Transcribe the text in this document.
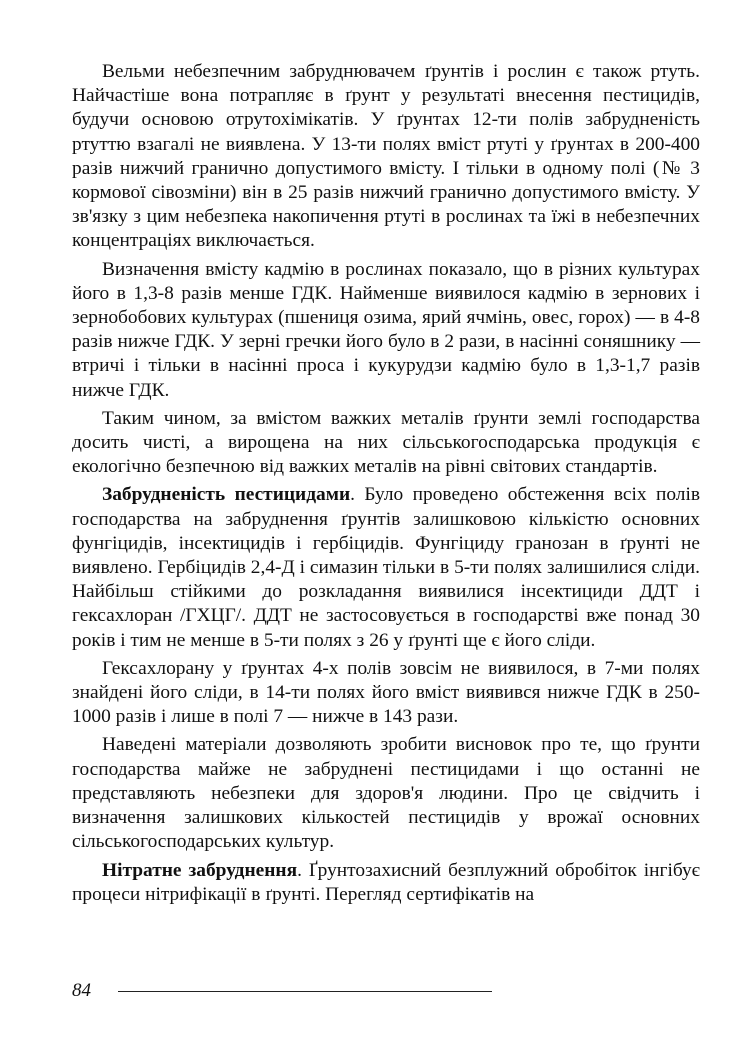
Вельми небезпечним забруднювачем ґрунтів і рослин є також ртуть. Найчастіше вона потрапляє в ґрунт у результаті внесення пестицидів, будучи основою отрутохімікатів. У ґрунтах 12-ти полів забрудненість ртуттю взагалі не виявлена. У 13-ти полях вміст ртуті у ґрунтах в 200-400 разів нижчий гранично допустимого вмісту. І тільки в одному полі (№ 3 кормової сівозміни) він в 25 разів нижчий гранично допустимого вмісту. У зв'язку з цим небезпека накопичення ртуті в рослинах та їжі в небезпечних концентраціях виключається.

Визначення вмісту кадмію в рослинах показало, що в різних культурах його в 1,3-8 разів менше ГДК. Найменше виявилося кадмію в зернових і зернобобових культурах (пшениця озима, ярий ячмінь, овес, горох) — в 4-8 разів нижче ГДК. У зерні гречки його було в 2 рази, в насінні соняшнику — втричі і тільки в насінні проса і кукурудзи кадмію було в 1,3-1,7 разів нижче ГДК.

Таким чином, за вмістом важких металів ґрунти землі господарства досить чисті, а вирощена на них сільськогосподарська продукція є екологічно безпечною від важких металів на рівні світових стандартів.

Забрудненість пестицидами. Було проведено обстеження всіх полів господарства на забруднення ґрунтів залишковою кількістю основних фунгіцидів, інсектицидів і гербіцидів. Фунгіциду гранозан в ґрунті не виявлено. Гербіцидів 2,4-Д і симазин тільки в 5-ти полях залишилися сліди. Найбільш стійкими до розкладання виявилися інсектициди ДДТ і гексахлоран /ГХЦГ/. ДДТ не застосовується в господарстві вже понад 30 років і тим не менше в 5-ти полях з 26 у ґрунті ще є його сліди.

Гексахлорану у ґрунтах 4-х полів зовсім не виявилося, в 7-ми полях знайдені його сліди, в 14-ти полях його вміст виявився нижче ГДК в 250-1000 разів і лише в полі 7 — нижче в 143 рази.

Наведені матеріали дозволяють зробити висновок про те, що ґрунти господарства майже не забруднені пестицидами і що останні не представляють небезпеки для здоров'я людини. Про це свідчить і визначення залишкових кількостей пестицидів у врожаї основних сільськогосподарських культур.

Нітратне забруднення. Ґрунтозахисний безплужний обробіток інгібує процеси нітрифікації в ґрунті. Перегляд сертифікатів на

84
